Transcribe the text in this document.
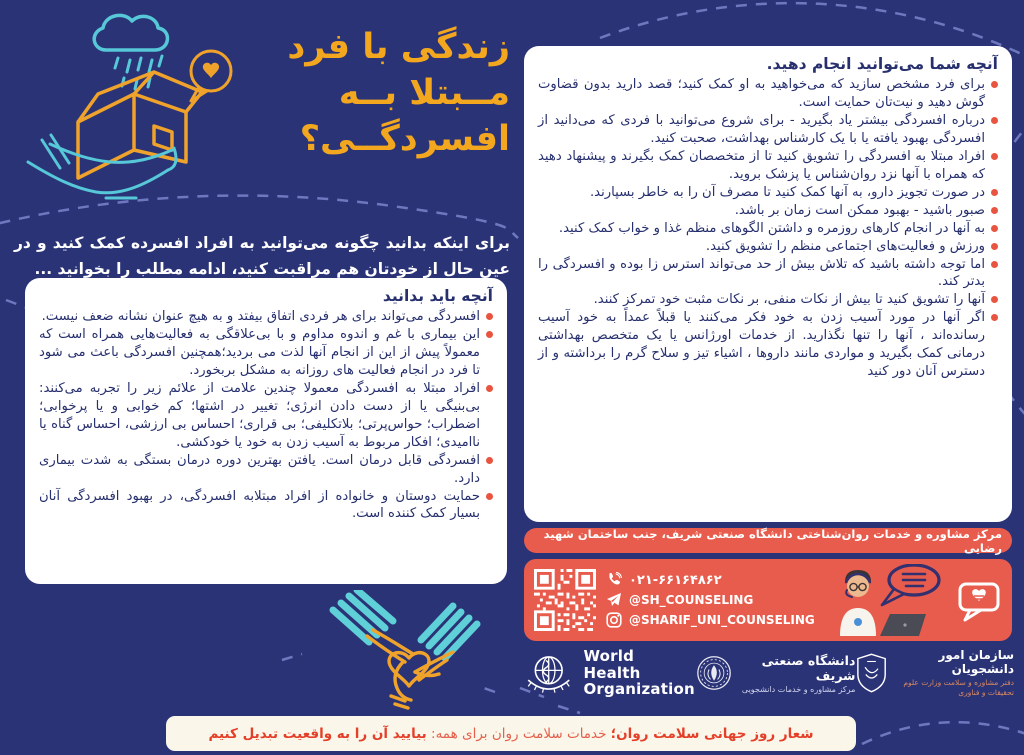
زندگی با فرد
مــبتلا بــه
افسردگــی؟

برای اینکه بدانید چگونه می‌توانید به افراد افسرده کمک کنید و در عین حال از خودتان هم مراقبت کنید، ادامه مطلب را بخوانید ...

آنچه باید بدانید
افسردگی می‌تواند برای هر فردی اتفاق بیفتد و به هیچ عنوان نشانه ضعف نیست.
این بیماری با غم و اندوه مداوم و با بی‌علاقگی به فعالیت‌هایی همراه است که معمولاً پیش از این از انجام آنها لذت می بردید؛همچنین افسردگی باعث می شود تا فرد در انجام فعالیت های روزانه به مشکل بربخورد.
افراد مبتلا به افسردگی معمولا چندین علامت از علائم زیر را تجربه می‌کنند: بی‌بنیگی یا از دست دادن انرژی؛ تغییر در اشتها؛ کم خوابی و یا پرخوابی؛ اضطراب؛ حواس‌پرتی؛ بلاتکلیفی؛ بی قراری؛ احساس بی ارزشی، احساس گناه یا ناامیدی؛ افکار مربوط به آسیب زدن به خود یا خودکشی.
افسردگی قابل درمان است. یافتن بهترین دوره درمان بستگی به شدت بیماری دارد.
حمایت دوستان و خانواده از افراد مبتلابه افسردگی، در بهبود افسردگی آنان بسیار کمک کننده است.
آنچه شما می‌توانید انجام دهید.
برای فرد مشخص سازید که می‌خواهید به او کمک کنید؛ قصد دارید بدون قضاوت گوش دهید و نیت‌تان حمایت است.
درباره افسردگی بیشتر یاد بگیرید - برای شروع می‌توانید با فردی که می‌دانید از افسردگی بهبود یافته یا با یک کارشناس بهداشت، صحبت کنید.
افراد مبتلا به افسردگی را تشویق کنید تا از متخصصان کمک بگیرند و پیشنهاد دهید که همراه با آنها نزد روان‌شناس یا پزشک بروید.
در صورت تجویز دارو، به آنها کمک کنید تا مصرف آن را به خاطر بسپارند.
صبور باشید - بهبود ممکن است زمان بر باشد.
به آنها در انجام کارهای روزمره و داشتن الگوهای منظم غذا و خواب کمک کنید.
ورزش و فعالیت‌های اجتماعی منظم را تشویق کنید.
اما توجه داشته باشید که تلاش بیش از حد می‌تواند استرس زا بوده و افسردگی را بدتر کند.
آنها را تشویق کنید تا بیش از نکات منفی، بر نکات مثبت خود تمرکز کنند.
اگر آنها در مورد آسیب زدن به خود فکر می‌کنند یا قبلاً عمداً به خود آسیب رسانده‌اند ، آنها را تنها نگذارید. از خدمات اورژانس یا یک متخصص بهداشتی درمانی کمک بگیرید و مواردی مانند داروها ، اشیاء تیز و سلاح گرم را برداشته و از دسترس آنان دور کنید
مرکز مشاوره و خدمات روان‌شناختی دانشگاه صنعتی شریف، جنب ساختمان شهید رضایی
۰۲۱-۶۶۱۶۴۸۶۲
@SH_COUNSELING
@SHARIF_UNI_COUNSELING
World Health
Organization
دانشگاه صنعتی شریف
مرکز مشاوره و خدمات دانشجویی
سازمان امور دانشجویان
دفتر مشاوره و سلامت وزارت علوم
تحقیقات و فناوری
شعار روز جهانی سلامت روان؛
خدمات سلامت روان برای همه:
بیایید آن را به واقعیت تبدیل کنیم
